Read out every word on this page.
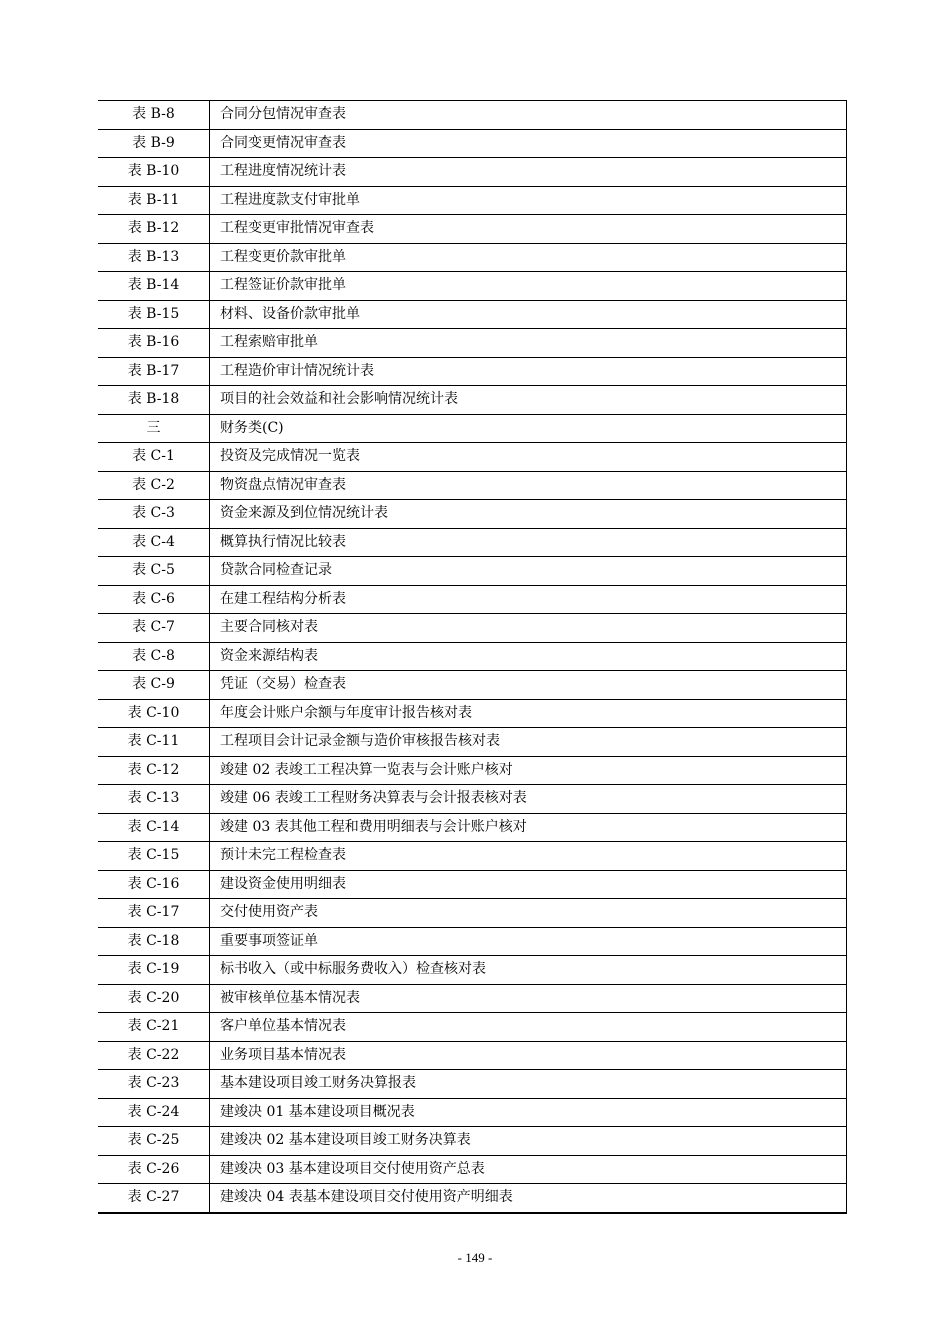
表 B-8	合同分包情况审查表
表 B-9	合同变更情况审查表
表 B-10	工程进度情况统计表
表 B-11	工程进度款支付审批单
表 B-12	工程变更审批情况审查表
表 B-13	工程变更价款审批单
表 B-14	工程签证价款审批单
表 B-15	材料、设备价款审批单
表 B-16	工程索赔审批单
表 B-17	工程造价审计情况统计表
表 B-18	项目的社会效益和社会影响情况统计表
三	财务类(C)
表 C-1	投资及完成情况一览表
表 C-2	物资盘点情况审查表
表 C-3	资金来源及到位情况统计表
表 C-4	概算执行情况比较表
表 C-5	贷款合同检查记录
表 C-6	在建工程结构分析表
表 C-7	主要合同核对表
表 C-8	资金来源结构表
表 C-9	凭证（交易）检查表
表 C-10	年度会计账户余额与年度审计报告核对表
表 C-11	工程项目会计记录金额与造价审核报告核对表
表 C-12	竣建 02 表竣工工程决算一览表与会计账户核对
表 C-13	竣建 06 表竣工工程财务决算表与会计报表核对表
表 C-14	竣建 03 表其他工程和费用明细表与会计账户核对
表 C-15	预计未完工程检查表
表 C-16	建设资金使用明细表
表 C-17	交付使用资产表
表 C-18	重要事项签证单
表 C-19	标书收入（或中标服务费收入）检查核对表
表 C-20	被审核单位基本情况表
表 C-21	客户单位基本情况表
表 C-22	业务项目基本情况表
表 C-23	基本建设项目竣工财务决算报表
表 C-24	建竣决 01 基本建设项目概况表
表 C-25	建竣决 02 基本建设项目竣工财务决算表
表 C-26	建竣决 03 基本建设项目交付使用资产总表
表 C-27	建竣决 04 表基本建设项目交付使用资产明细表
- 149 -
